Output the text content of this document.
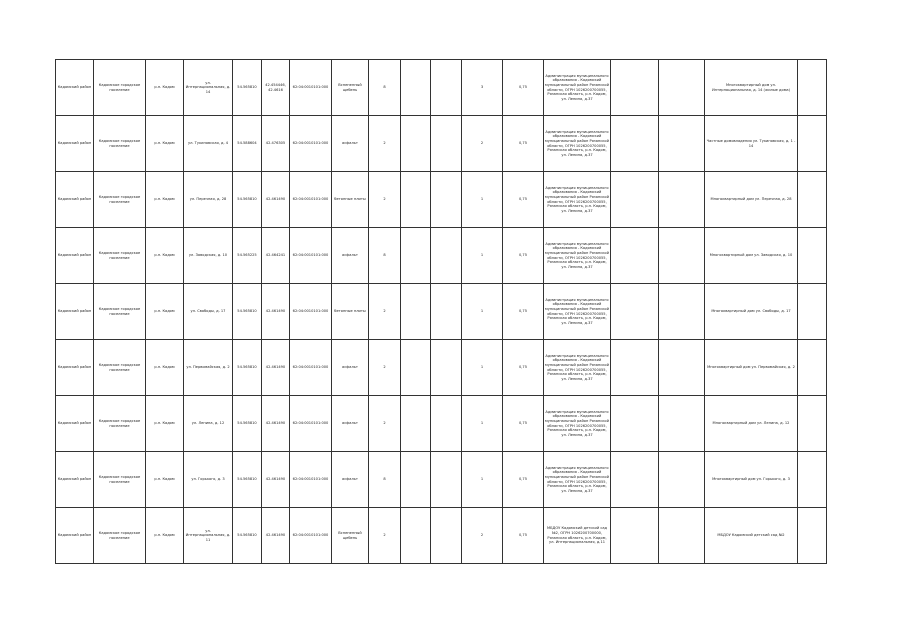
Кадомский район	Кадомское городское поселение	р.п. Кадом	ул. Интернациональная, д. 14	54.565810	42.454446, 42.4616	62:04:0010101:000	Вспененный щебень	8			3	0,75	Администрация муниципального образования - Кадомский муниципальный район Рязанской области, ОГРН 1026200700055, Рязанская область, р.п. Кадом, ул. Ленина, д.37			Многоквартирный дом ул. Интернациональная, д. 14 (жилые дома)	
Кадомский район	Кадомское городское поселение	р.п. Кадом	ул. Тукиновская, д. 4	54.588604	42.476305	62:04:0010101:000	асфальт	2			2	0,75	Администрация муниципального образования - Кадомский муниципальный район Рязанской области, ОГРН 1026200700055, Рязанская область, р.п. Кадом, ул. Ленина, д.37			Частные домовладения ул. Тукиновская, д. 1 - 14	
Кадомский район	Кадомское городское поселение	р.п. Кадом	ул. Перечная, д. 28	54.565810	42.461490	62:04:0010101:000	бетонные плиты	2			1	0,75	Администрация муниципального образования - Кадомский муниципальный район Рязанской области, ОГРН 1026200700055, Рязанская область, р.п. Кадом, ул. Ленина, д.37			Многоквартирный дом ул. Перечная, д. 28	
Кадомский район	Кадомское городское поселение	р.п. Кадом	ул. Заводская, д. 10	54.565225	42.464241	62:04:0010101:000	асфальт	8			1	0,75	Администрация муниципального образования - Кадомский муниципальный район Рязанской области, ОГРН 1026200700055, Рязанская область, р.п. Кадом, ул. Ленина, д.37			Многоквартирный дом ул. Заводская, д. 10	
Кадомский район	Кадомское городское поселение	р.п. Кадом	ул. Свободы, д. 17	54.565810	42.461490	62:04:0010101:000	бетонные плиты	2			1	0,75	Администрация муниципального образования - Кадомский муниципальный район Рязанской области, ОГРН 1026200700055, Рязанская область, р.п. Кадом, ул. Ленина, д.37			Многоквартирный дом ул. Свободы, д. 17	
Кадомский район	Кадомское городское поселение	р.п. Кадом	ул. Первомайская, д. 2	54.565810	42.461490	62:04:0010101:000	асфальт	2			1	0,75	Администрация муниципального образования - Кадомский муниципальный район Рязанской области, ОГРН 1026200700055, Рязанская область, р.п. Кадом, ул. Ленина, д.37			Многоквартирный дом ул. Первомайская, д. 2	
Кадомский район	Кадомское городское поселение	р.п. Кадом	ул. Ленина, д. 12	54.565810	42.461490	62:04:0010101:000	асфальт	2			1	0,75	Администрация муниципального образования - Кадомский муниципальный район Рязанской области, ОГРН 1026200700055, Рязанская область, р.п. Кадом, ул. Ленина, д.37			Многоквартирный дом ул. Ленина, д. 12	
Кадомский район	Кадомское городское поселение	р.п. Кадом	ул. Горького, д. 3	54.565810	42.461490	62:04:0010101:000	асфальт	8			1	0,75	Администрация муниципального образования - Кадомский муниципальный район Рязанской области, ОГРН 1026200700055, Рязанская область, р.п. Кадом, ул. Ленина, д.37			Многоквартирный дом ул. Горького, д. 3	
Кадомский район	Кадомское городское поселение	р.п. Кадом	ул. Интернациональная, д. 11	54.565810	42.461490	62:04:0010101:000	Вспененный щебень	2			2	0,75	МБДОУ Кадомский детский сад №2, ОГРН 1026200700000, Рязанская область, р.п. Кадом, ул. Интернациональная, д.11			МБДОУ Кадомский детский сад №2	
